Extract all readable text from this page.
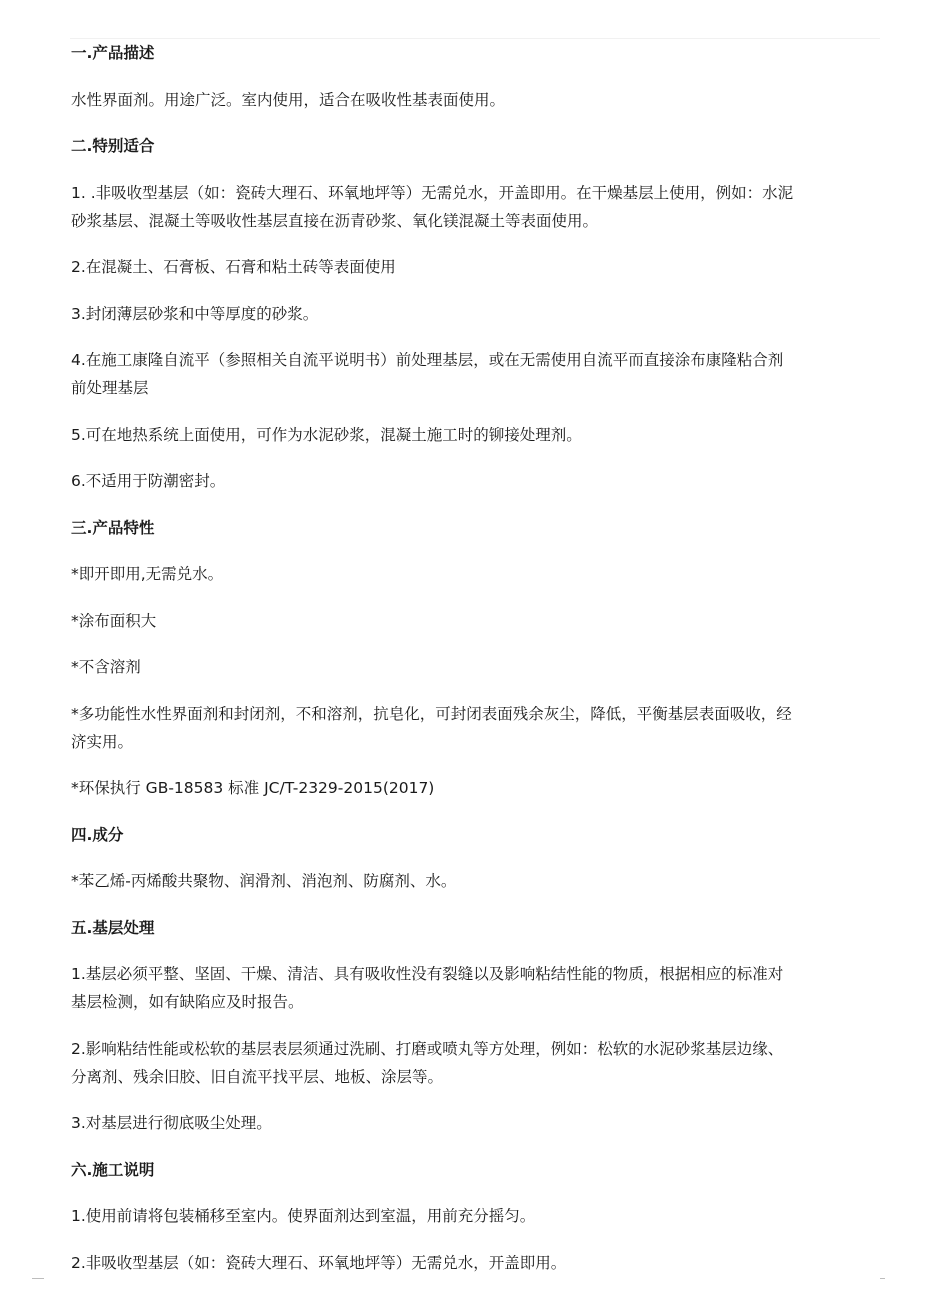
一.产品描述
水性界面剂。用途广泛。室内使用，适合在吸收性基表面使用。
二.特别适合
1. .非吸收型基层（如：瓷砖大理石、环氧地坪等）无需兑水，开盖即用。在干燥基层上使用，例如：水泥
砂浆基层、混凝土等吸收性基层直接在沥青砂浆、氧化镁混凝土等表面使用。
2.在混凝土、石膏板、石膏和粘土砖等表面使用
3.封闭薄层砂浆和中等厚度的砂浆。
4.在施工康隆自流平（参照相关自流平说明书）前处理基层，或在无需使用自流平而直接涂布康隆粘合剂
前处理基层
5.可在地热系统上面使用，可作为水泥砂浆，混凝土施工时的铆接处理剂。
6.不适用于防潮密封。
三.产品特性
*即开即用,无需兑水。
*涂布面积大
*不含溶剂
*多功能性水性界面剂和封闭剂，不和溶剂，抗皂化，可封闭表面残余灰尘，降低，平衡基层表面吸收，经
济实用。
*环保执行 GB-18583 标准 JC/T-2329-2015(2017)
四.成分
*苯乙烯-丙烯酸共聚物、润滑剂、消泡剂、防腐剂、水。
五.基层处理
1.基层必须平整、坚固、干燥、清洁、具有吸收性没有裂缝以及影响粘结性能的物质，根据相应的标准对
基层检测，如有缺陷应及时报告。
2.影响粘结性能或松软的基层表层须通过洗刷、打磨或喷丸等方处理，例如：松软的水泥砂浆基层边缘、
分离剂、残余旧胶、旧自流平找平层、地板、涂层等。
3.对基层进行彻底吸尘处理。
六.施工说明
1.使用前请将包装桶移至室内。使界面剂达到室温，用前充分摇匀。
2.非吸收型基层（如：瓷砖大理石、环氧地坪等）无需兑水，开盖即用。
